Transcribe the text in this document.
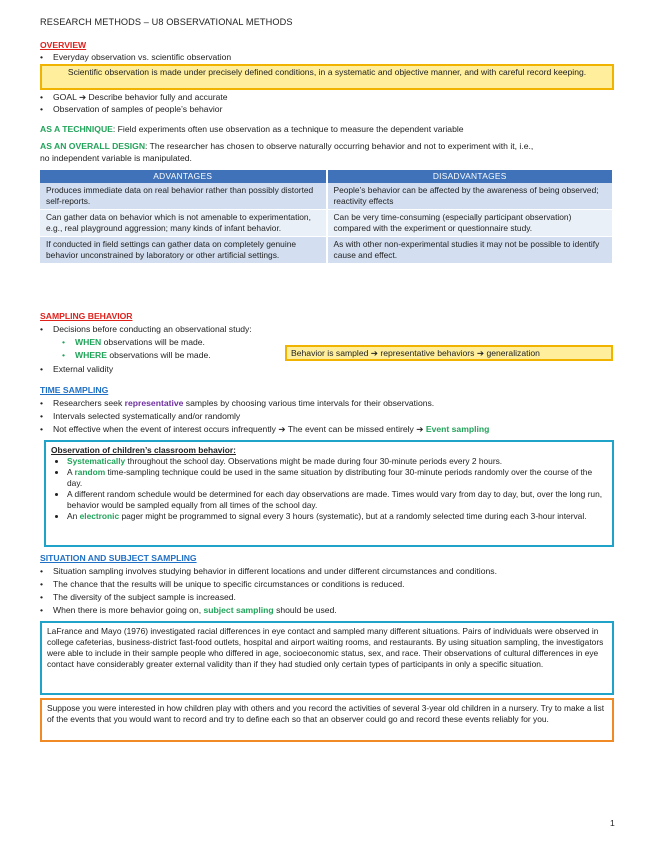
RESEARCH METHODS – U8 OBSERVATIONAL METHODS
OVERVIEW
• Everyday observation vs. scientific observation
Scientific observation is made under precisely defined conditions, in a systematic and objective manner, and with careful record keeping.
• GOAL ➔ Describe behavior fully and accurate
• Observation of samples of people’s behavior
AS A TECHNIQUE: Field experiments often use observation as a technique to measure the dependent variable
AS AN OVERALL DESIGN: The researcher has chosen to observe naturally occurring behavior and not to experiment with it, i.e.,
no independent variable is manipulated.
ADVANTAGES	DISADVANTAGES
Produces immediate data on real behavior rather than possibly distorted self-reports.	People’s behavior can be affected by the awareness of being observed; reactivity effects
Can gather data on behavior which is not amenable to experimentation, e.g., real playground aggression; many kinds of infant behavior.	Can be very time-consuming (especially participant observation) compared with the experiment or questionnaire study.
If conducted in field settings can gather data on completely genuine behavior unconstrained by laboratory or other artificial settings.	As with other non-experimental studies it may not be possible to identify cause and effect.
SAMPLING BEHAVIOR
• Decisions before conducting an observational study:
• WHEN observations will be made.
• WHERE observations will be made.	Behavior is sampled ➔ representative behaviors ➔ generalization
• External validity
TIME SAMPLING
• Researchers seek representative samples by choosing various time intervals for their observations.
• Intervals selected systematically and/or randomly
• Not effective when the event of interest occurs infrequently ➔ The event can be missed entirely ➔ Event sampling
Observation of children’s classroom behavior:
• Systematically throughout the school day. Observations might be made during four 30-minute periods every 2 hours.
• A random time-sampling technique could be used in the same situation by distributing four 30-minute periods randomly over the course of the day.
• A different random schedule would be determined for each day observations are made. Times would vary from day to day, but, over the long run, behavior would be sampled equally from all times of the school day.
• An electronic pager might be programmed to signal every 3 hours (systematic), but at a randomly selected time during each 3-hour interval.
SITUATION AND SUBJECT SAMPLING
• Situation sampling involves studying behavior in different locations and under different circumstances and conditions.
• The chance that the results will be unique to specific circumstances or conditions is reduced.
• The diversity of the subject sample is increased.
• When there is more behavior going on, subject sampling should be used.
LaFrance and Mayo (1976) investigated racial differences in eye contact and sampled many different situations. Pairs of individuals were observed in college cafeterias, business-district fast-food outlets, hospital and airport waiting rooms, and restaurants. By using situation sampling, the investigators were able to include in their sample people who differed in age, socioeconomic status, sex, and race. Their observations of cultural differences in eye contact have considerably greater external validity than if they had studied only certain types of participants in only a specific situation.
Suppose you were interested in how children play with others and you record the activities of several 3-year old children in a nursery. Try to make a list of the events that you would want to record and try to define each so that an observer could go and record these events reliably for you.
1
